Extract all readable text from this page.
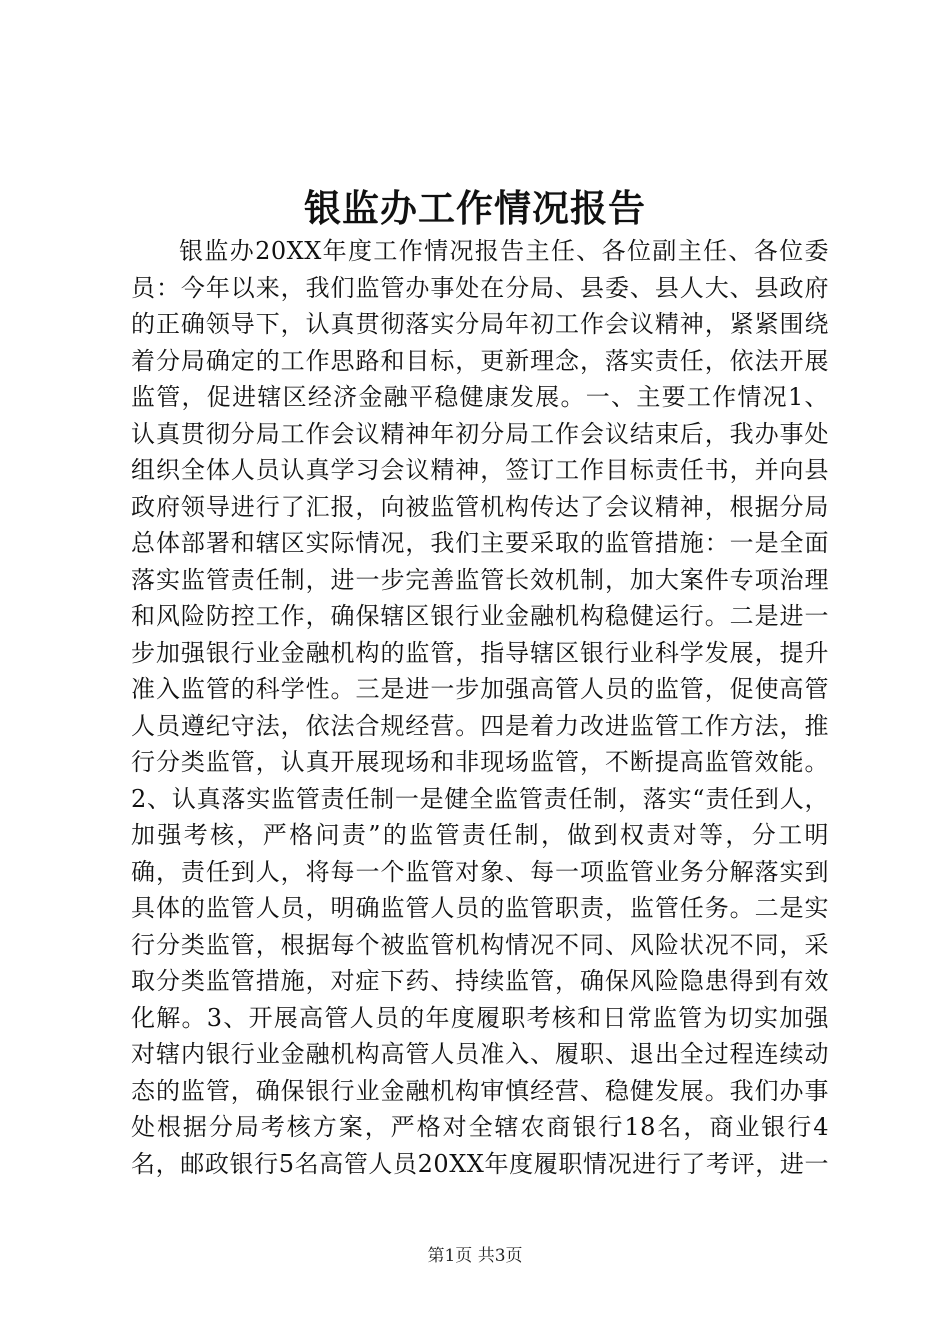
银监办工作情况报告

银监办20XX年度工作情况报告主任、各位副主任、各位委员：今年以来，我们监管办事处在分局、县委、县人大、县政府的正确领导下，认真贯彻落实分局年初工作会议精神，紧紧围绕着分局确定的工作思路和目标，更新理念，落实责任，依法开展监管，促进辖区经济金融平稳健康发展。一、主要工作情况1、认真贯彻分局工作会议精神年初分局工作会议结束后，我办事处组织全体人员认真学习会议精神，签订工作目标责任书，并向县政府领导进行了汇报，向被监管机构传达了会议精神，根据分局总体部署和辖区实际情况，我们主要采取的监管措施：一是全面落实监管责任制，进一步完善监管长效机制，加大案件专项治理和风险防控工作，确保辖区银行业金融机构稳健运行。二是进一步加强银行业金融机构的监管，指导辖区银行业科学发展，提升准入监管的科学性。三是进一步加强高管人员的监管，促使高管人员遵纪守法，依法合规经营。四是着力改进监管工作方法，推行分类监管，认真开展现场和非现场监管，不断提高监管效能。2、认真落实监管责任制一是健全监管责任制，落实“责任到人，加强考核，严格问责”的监管责任制，做到权责对等，分工明确，责任到人，将每一个监管对象、每一项监管业务分解落实到具体的监管人员，明确监管人员的监管职责，监管任务。二是实行分类监管，根据每个被监管机构情况不同、风险状况不同，采取分类监管措施，对症下药、持续监管，确保风险隐患得到有效化解。3、开展高管人员的年度履职考核和日常监管为切实加强对辖内银行业金融机构高管人员准入、履职、退出全过程连续动态的监管，确保银行业金融机构审慎经营、稳健发展。我们办事处根据分局考核方案，严格对全辖农商银行18名，商业银行4名，邮政银行5名高管人员20XX年度履职情况进行了考评，进一

第1页 共3页
